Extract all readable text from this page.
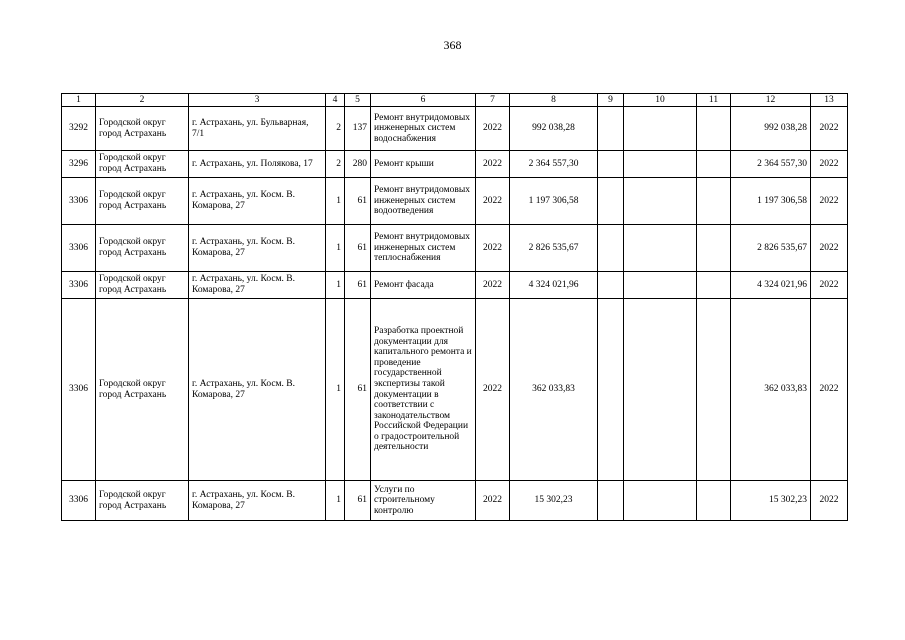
368
1	2	3	4	5	6	7	8	9	10	11	12	13
3292	Городской округ город Астрахань	г. Астрахань, ул. Бульварная, 7/1	2	137	Ремонт внутридомовых инженерных систем водоснабжения	2022	992 038,28				992 038,28	2022
3296	Городской округ город Астрахань	г. Астрахань, ул. Полякова, 17	2	280	Ремонт крыши	2022	2 364 557,30				2 364 557,30	2022
3306	Городской округ город Астрахань	г. Астрахань, ул. Косм. В. Комарова, 27	1	61	Ремонт внутридомовых инженерных систем водоотведения	2022	1 197 306,58				1 197 306,58	2022
3306	Городской округ город Астрахань	г. Астрахань, ул. Косм. В. Комарова, 27	1	61	Ремонт внутридомовых инженерных систем теплоснабжения	2022	2 826 535,67				2 826 535,67	2022
3306	Городской округ город Астрахань	г. Астрахань, ул. Косм. В. Комарова, 27	1	61	Ремонт фасада	2022	4 324 021,96				4 324 021,96	2022
3306	Городской округ город Астрахань	г. Астрахань, ул. Косм. В. Комарова, 27	1	61	Разработка проектной документации для капитального ремонта и проведение государственной экспертизы такой документации в соответствии с законодательством Российской Федерации о градостроительной деятельности	2022	362 033,83				362 033,83	2022
3306	Городской округ город Астрахань	г. Астрахань, ул. Косм. В. Комарова, 27	1	61	Услуги по строительному контролю	2022	15 302,23				15 302,23	2022
